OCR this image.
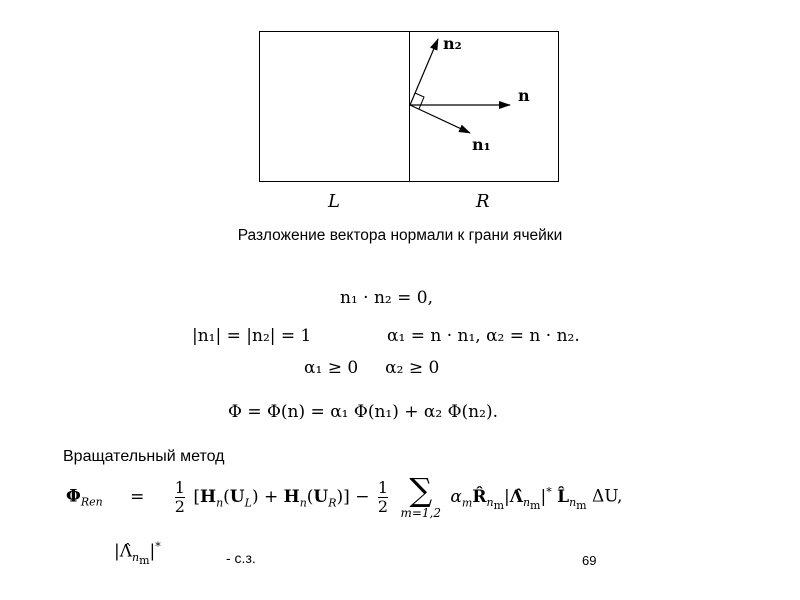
n₂
n
n₁
L	R
Разложение вектора нормали к грани ячейки
n₁ · n₂ = 0,
|n₁| = |n₂| = 1	α₁ = n · n₁, α₂ = n · n₂.
α₁ ≥ 0     α₂ ≥ 0
Φ = Φ(n) = α₁ Φ(n₁) + α₂ Φ(n₂).
Вращательный метод
$\Phi_{Ren} = \frac{1}{2} [H_n(U_L) + H_n(U_R)] - \frac{1}{2}$
∑
m=1,2
$\alpha_mR̂_{n_m}|\Lambdâ_{n_m}|^*$ $L̂_{n_m}$ ΔU,
$|\Lambdâ_{n_m}|^*$
- с.з.	69
